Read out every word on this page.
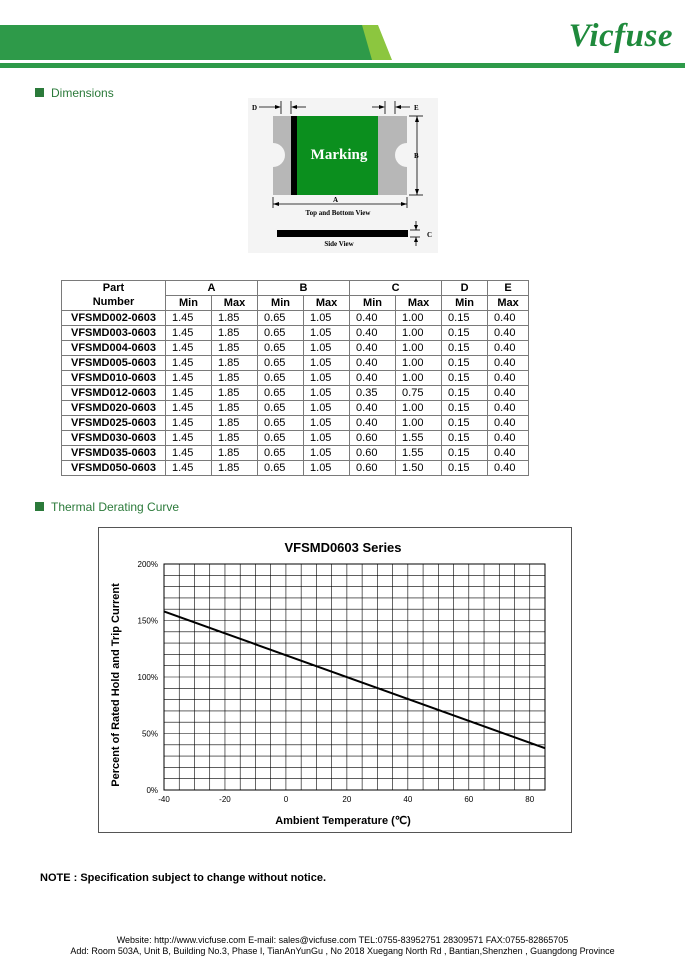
Vicfuse
Dimensions
Marking
D	E
B
A
Top and Bottom View
C
Side View
Part	A		B		C		D	E
Number	Min	Max	Min	Max	Min	Max	Min	Max
VFSMD002-0603	1.45	1.85	0.65	1.05	0.40	1.00	0.15	0.40
VFSMD003-0603	1.45	1.85	0.65	1.05	0.40	1.00	0.15	0.40
VFSMD004-0603	1.45	1.85	0.65	1.05	0.40	1.00	0.15	0.40
VFSMD005-0603	1.45	1.85	0.65	1.05	0.40	1.00	0.15	0.40
VFSMD010-0603	1.45	1.85	0.65	1.05	0.40	1.00	0.15	0.40
VFSMD012-0603	1.45	1.85	0.65	1.05	0.35	0.75	0.15	0.40
VFSMD020-0603	1.45	1.85	0.65	1.05	0.40	1.00	0.15	0.40
VFSMD025-0603	1.45	1.85	0.65	1.05	0.40	1.00	0.15	0.40
VFSMD030-0603	1.45	1.85	0.65	1.05	0.60	1.55	0.15	0.40
VFSMD035-0603	1.45	1.85	0.65	1.05	0.60	1.55	0.15	0.40
VFSMD050-0603	1.45	1.85	0.65	1.05	0.60	1.50	0.15	0.40
Thermal Derating Curve
VFSMD0603 Series
-40	-20	0	20	40	60	80
0%
50%
100%
150%
200%
Ambient Temperature (℃)
Percent of Rated Hold and Trip Current
NOTE : Specification subject to change without notice.
Website: http://www.vicfuse.com E-mail: sales@vicfuse.com TEL:0755-83952751 28309571 FAX:0755-82865705
Add: Room 503A, Unit B, Building No.3, Phase I, TianAnYunGu , No 2018 Xuegang North Rd , Bantian,Shenzhen , Guangdong Province
